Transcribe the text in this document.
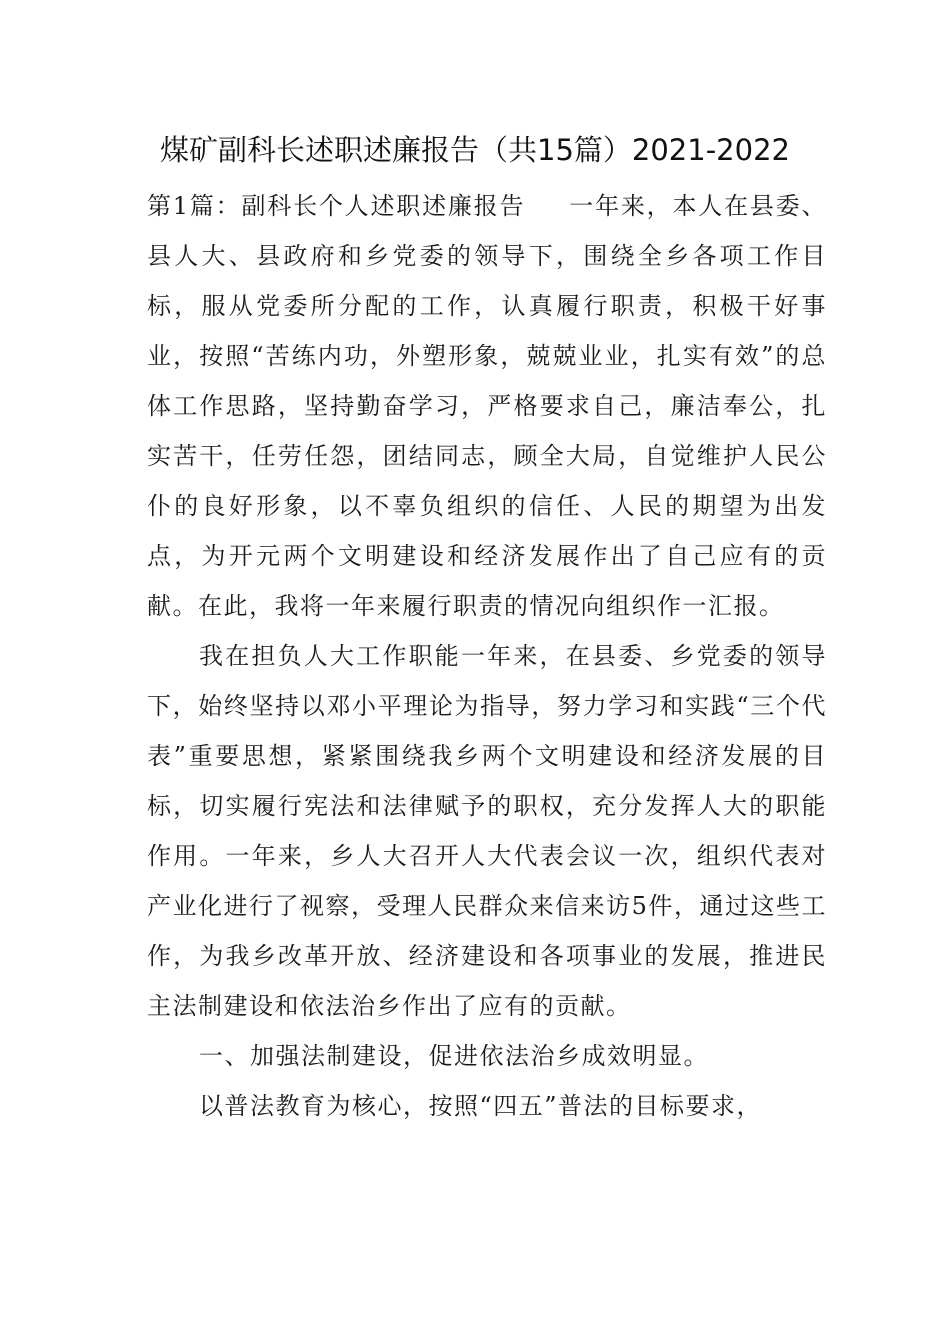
煤矿副科长述职述廉报告（共15篇）2021-2022

第1篇：副科长个人述职述廉报告 一年来，本人在县委、县人大、县政府和乡党委的领导下，围绕全乡各项工作目标，服从党委所分配的工作，认真履行职责，积极干好事业，按照“苦练内功，外塑形象，兢兢业业，扎实有效”的总体工作思路，坚持勤奋学习，严格要求自己，廉洁奉公，扎实苦干，任劳任怨，团结同志，顾全大局，自觉维护人民公仆的良好形象，以不辜负组织的信任、人民的期望为出发点，为开元两个文明建设和经济发展作出了自己应有的贡献。在此，我将一年来履行职责的情况向组织作一汇报。

我在担负人大工作职能一年来，在县委、乡党委的领导下，始终坚持以邓小平理论为指导，努力学习和实践“三个代表”重要思想，紧紧围绕我乡两个文明建设和经济发展的目标，切实履行宪法和法律赋予的职权，充分发挥人大的职能作用。一年来，乡人大召开人大代表会议一次，组织代表对产业化进行了视察，受理人民群众来信来访5件，通过这些工作，为我乡改革开放、经济建设和各项事业的发展，推进民主法制建设和依法治乡作出了应有的贡献。

一、加强法制建设，促进依法治乡成效明显。

以普法教育为核心，按照“四五”普法的目标要求，
